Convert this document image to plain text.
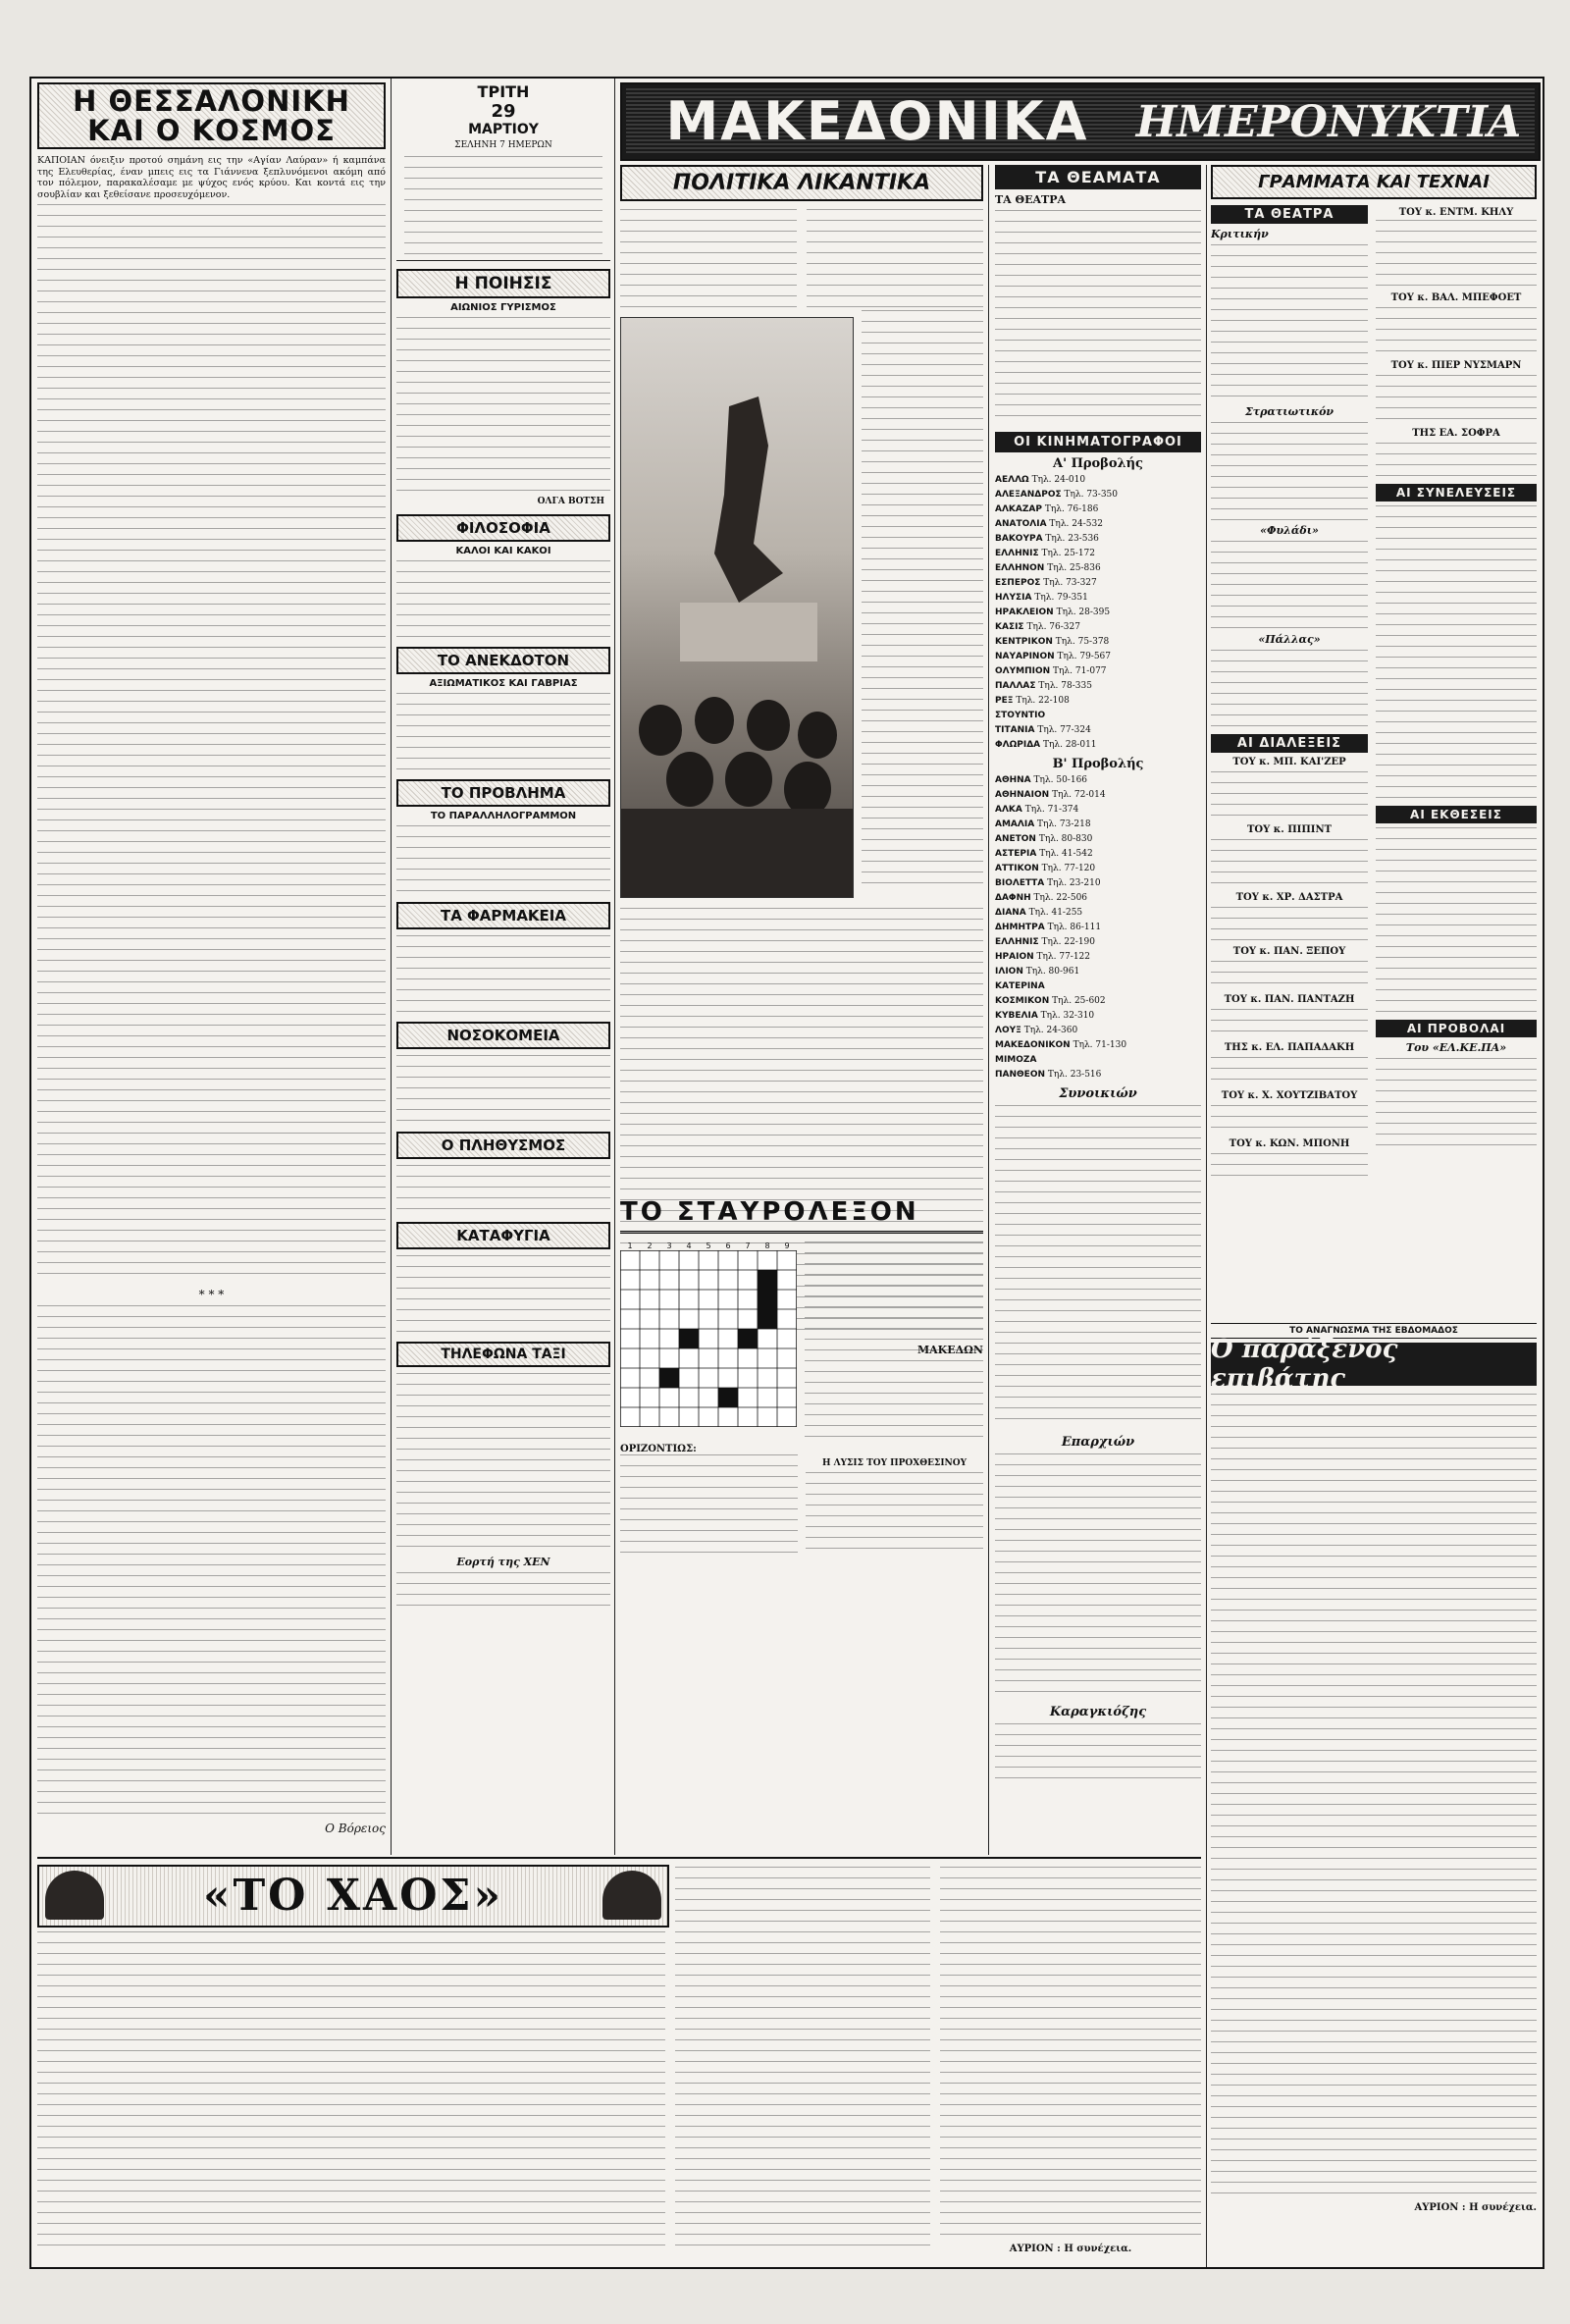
Η ΘΕΣΣΑΛΟΝΙΚΗ
ΚΑΙ Ο ΚΟΣΜΟΣ

ΚΑΠΟΙΑΝ όνειξιν προτού σημάνη εις την «Αγίαν Λαύραν» ή καμπάνα της Ελευθερίας, έναν μπεις εις τα Γιάννενα ξεπλυνόμενοι ακόμη από τον πόλεμον, παρακαλέσαμε με ψύχος ενός κρύου. Και κοντά εις την σουβλίαν και ξεθείσανε προσευχόμενον.

* * *
Ο Βόρειος
ΤΡΙΤΗ
29
ΜΑΡΤΙΟΥ
ΣΕΛΗΝΗ 7 ΗΜΕΡΩΝ
Η ΠΟΙΗΣΙΣ
ΑΙΩΝΙΟΣ ΓΥΡΙΣΜΟΣ
ΟΛΓΑ ΒΟΤΣΗ
ΦΙΛΟΣΟΦΙΑ
ΚΑΛΟΙ ΚΑΙ ΚΑΚΟΙ
ΤΟ ΑΝΕΚΔΟΤΟΝ
ΑΞΙΩΜΑΤΙΚΟΣ ΚΑΙ ΓΑΒΡΙΑΣ
ΤΟ ΠΡΟΒΛΗΜΑ
ΤΟ ΠΑΡΑΛΛΗΛΟΓΡΑΜΜΟΝ
ΤΑ ΦΑΡΜΑΚΕΙΑ
ΝΟΣΟΚΟΜΕΙΑ
Ο ΠΛΗΘΥΣΜΟΣ
ΚΑΤΑΦΥΓΙΑ
ΤΗΛΕΦΩΝΑ ΤΑΞΙ
Εορτή της ΧΕΝ
ΜΑΚΕΔΟΝΙΚΑ	ΗΜΕΡΟΝΥΚΤΙΑ
ΠΟΛΙΤΙΚΑ ΛΙΚΑΝΤΙΚΑ
ΜΑΚΕΔΩΝ
ΤΟ ΣΤΑΥΡΟΛΕΞΟΝ
1	2	3	4	5	6	7	8	9
ΟΡΙΖΟΝΤΙΩΣ:
Η ΛΥΣΙΣ ΤΟΥ ΠΡΟΧΘΕΣΙΝΟΥ
ΤΑ ΘΕΑΜΑΤΑ
ΤΑ ΘΕΑΤΡΑ
ΟΙ ΚΙΝΗΜΑΤΟΓΡΑΦΟΙ
Α' Προβολής
ΑΕΛΛΩ Τηλ. 24-010
ΑΛΕΞΑΝΔΡΟΣ Τηλ. 73-350
ΑΛΚΑΖΑΡ Τηλ. 76-186
ΑΝΑΤΟΛΙΑ Τηλ. 24-532
ΒΑΚΟΥΡΑ Τηλ. 23-536
ΕΛΛΗΝΙΣ Τηλ. 25-172
ΕΛΛΗΝΟΝ Τηλ. 25-836
ΕΣΠΕΡΟΣ Τηλ. 73-327
ΗΛΥΣΙΑ Τηλ. 79-351
ΗΡΑΚΛΕΙΟΝ Τηλ. 28-395
ΚΑΣΙΣ Τηλ. 76-327
ΚΕΝΤΡΙΚΟΝ Τηλ. 75-378
ΝΑΥΑΡΙΝΟΝ Τηλ. 79-567
ΟΛΥΜΠΙΟΝ Τηλ. 71-077
ΠΑΛΛΑΣ Τηλ. 78-335
ΡΕΞ Τηλ. 22-108
ΣΤΟΥΝΤΙΟ
ΤΙΤΑΝΙΑ Τηλ. 77-324
ΦΛΩΡΙΔΑ Τηλ. 28-011
Β' Προβολής
ΑΘΗΝΑ Τηλ. 50-166
ΑΘΗΝΑΙΟΝ Τηλ. 72-014
ΑΛΚΑ Τηλ. 71-374
ΑΜΑΛΙΑ Τηλ. 73-218
ΑΝΕΤΟΝ Τηλ. 80-830
ΑΣΤΕΡΙΑ Τηλ. 41-542
ΑΤΤΙΚΟΝ Τηλ. 77-120
ΒΙΟΛΕΤΤΑ Τηλ. 23-210
ΔΑΦΝΗ Τηλ. 22-506
ΔΙΑΝΑ Τηλ. 41-255
ΔΗΜΗΤΡΑ Τηλ. 86-111
ΕΛΛΗΝΙΣ Τηλ. 22-190
ΗΡΑΙΟΝ Τηλ. 77-122
ΙΛΙΟΝ Τηλ. 80-961
ΚΑΤΕΡΙΝΑ
ΚΟΣΜΙΚΟΝ Τηλ. 25-602
ΚΥΒΕΛΙΑ Τηλ. 32-310
ΛΟΥΞ Τηλ. 24-360
ΜΑΚΕΔΟΝΙΚΟΝ Τηλ. 71-130
ΜΙΜΟΖΑ
ΠΑΝΘΕΟΝ Τηλ. 23-516
Συνοικιών
Επαρχιών
Καραγκιόζης
ΓΡΑΜΜΑΤΑ ΚΑΙ ΤΕΧΝΑΙ
ΤΑ ΘΕΑΤΡΑ
Κριτικήν
Στρατιωτικόν
«Φυλάδι»
«Πάλλας»
ΑΙ ΔΙΑΛΕΞΕΙΣ
ΤΟΥ κ. ΜΠ. ΚΑΙ'ΖΕΡ
ΤΟΥ κ. ΠΙΠΙΝΤ
ΤΟΥ κ. ΧΡ. ΔΑΣΤΡΑ
ΤΟΥ κ. ΠΑΝ. ΞΕΠΟΥ
ΤΟΥ κ. ΠΑΝ. ΠΑΝΤΑΖΗ
ΤΗΣ κ. ΕΛ. ΠΑΠΑΔΑΚΗ
ΤΟΥ κ. Χ. ΧΟΥΤΖΙΒΑΤΟΥ
ΤΟΥ κ. ΚΩΝ. ΜΠΟΝΗ
ΤΟΥ κ. ΕΝΤΜ. ΚΗΛΥ
ΤΟΥ κ. ΒΑΛ. ΜΠΕΦΟΕΤ
ΤΟΥ κ. ΠΙΕΡ ΝΥΣΜΑΡΝ
ΤΗΣ ΕΑ. ΣΟΦΡΑ
ΑΙ ΣΥΝΕΛΕΥΣΕΙΣ
ΑΙ ΕΚΘΕΣΕΙΣ
ΑΙ ΠΡΟΒΟΛΑΙ
Του «ΕΛ.ΚΕ.ΠΑ»
ΤΟ ΑΝΑΓΝΩΣΜΑ ΤΗΣ ΕΒΔΟΜΑΔΟΣ
Ο παράξενος επιβάτης
ΑΥΡΙΟΝ : Η συνέχεια.
«ΤΟ ΧΑΟΣ»
ΑΥΡΙΟΝ : Η συνέχεια.
